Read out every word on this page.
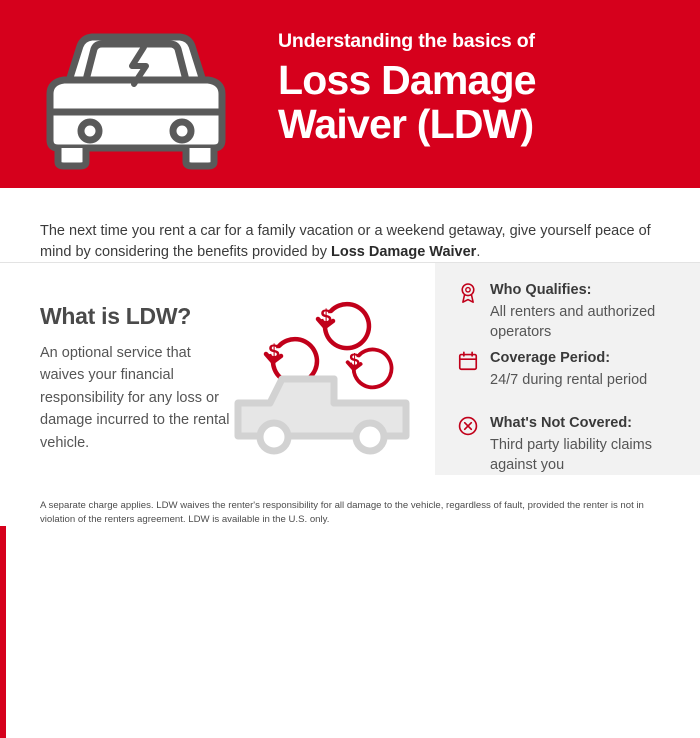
Understanding the basics of

Loss Damage
Waiver (LDW)

The next time you rent a car for a family vacation or a weekend getaway, give yourself peace of mind by considering the benefits provided by Loss Damage Waiver.

What is LDW?

An optional service that waives your financial responsibility for any loss or damage incurred to the rental vehicle.

$
$	$

Who Qualifies:

All renters and authorized operators

Coverage Period:

24/7 during rental period

What's Not Covered:

Third party liability claims against you

A separate charge applies. LDW waives the renter's responsibility for all damage to the vehicle, regardless of fault, provided the renter is not in violation of the renters agreement. LDW is available in the U.S. only.
